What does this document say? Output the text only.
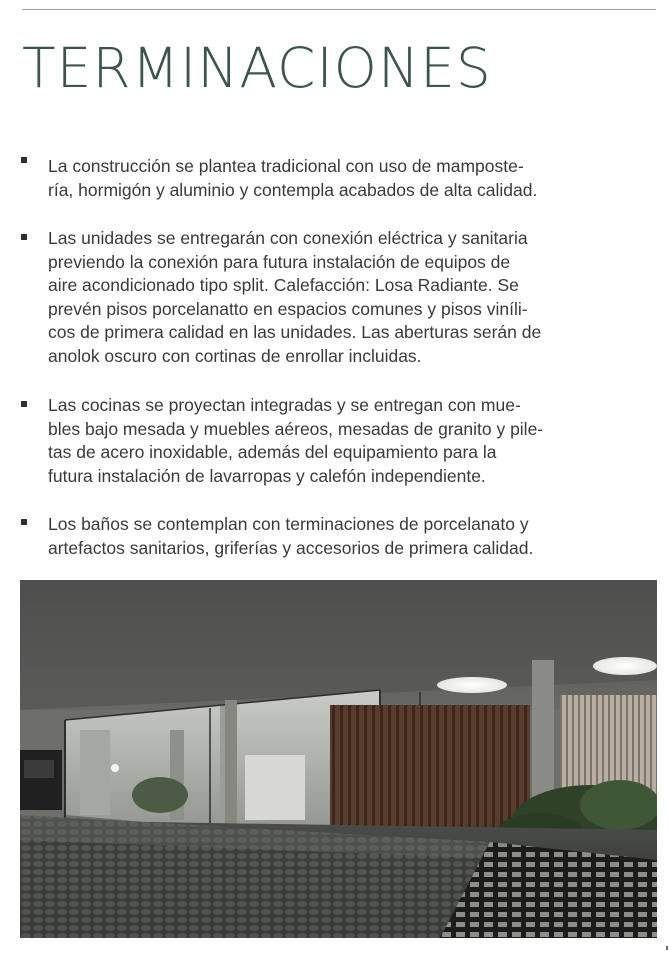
TERMINACIONES
La construcción se plantea tradicional con uso de mamposte-
ría, hormigón y aluminio y contempla acabados de alta calidad.
Las unidades se entregarán con conexión eléctrica y sanitaria
previendo la conexión para futura instalación de equipos de
aire acondicionado tipo split. Calefacción: Losa Radiante. Se
prevén pisos porcelanatto en espacios comunes y pisos viníli-
cos de primera calidad en las unidades. Las aberturas serán de
anolok oscuro con cortinas de enrollar incluidas.
Las cocinas se proyectan integradas y se entregan con mue-
bles bajo mesada y muebles aéreos, mesadas de granito y pile-
tas de acero inoxidable, además del equipamiento para la
futura instalación de lavarropas y calefón independiente.
Los baños se contemplan con terminaciones de porcelanato y
artefactos sanitarios, griferías y accesorios de primera calidad.
